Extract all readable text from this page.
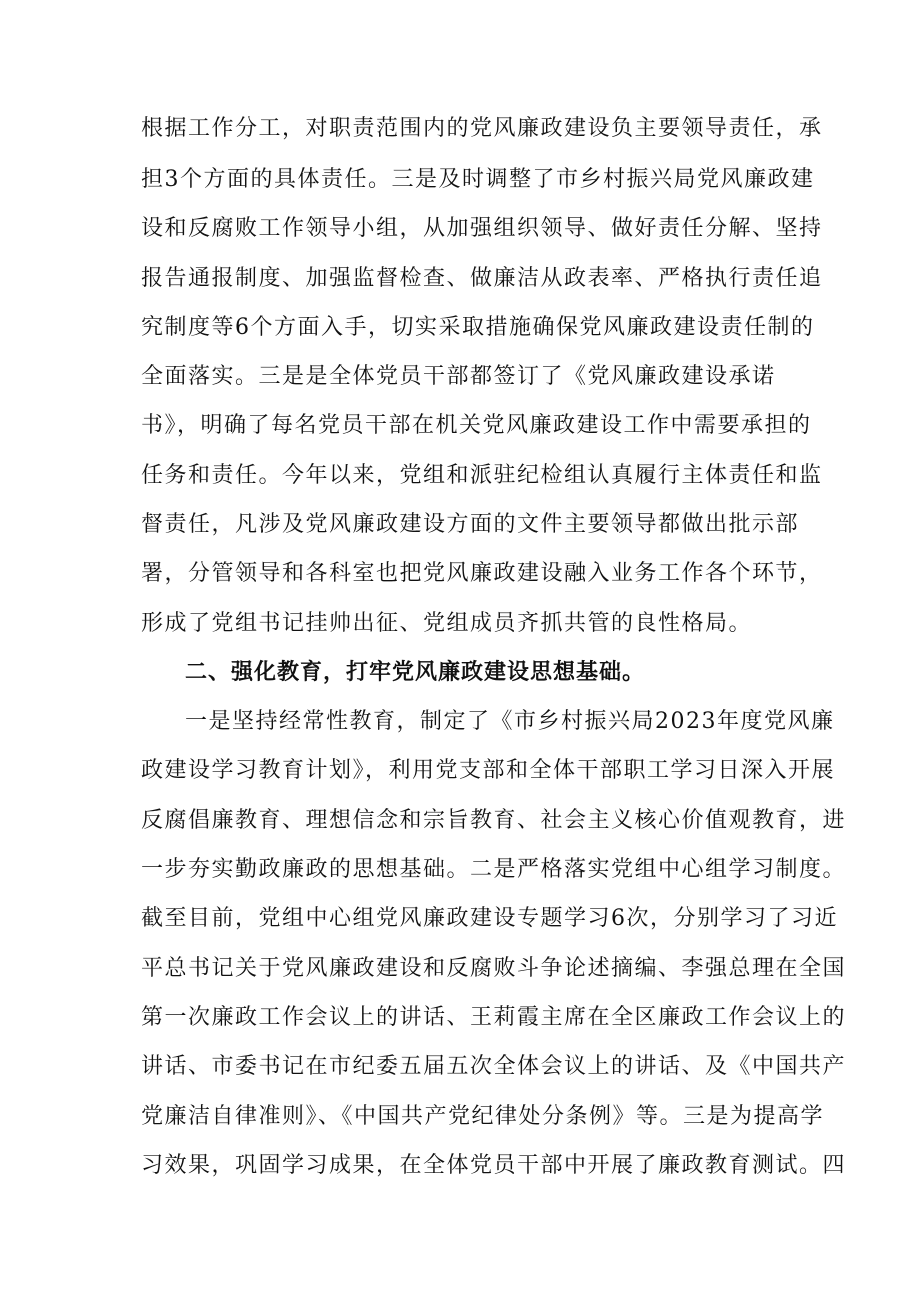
根据工作分工，对职责范围内的党风廉政建设负主要领导责任，承
担3个方面的具体责任。三是及时调整了市乡村振兴局党风廉政建
设和反腐败工作领导小组，从加强组织领导、做好责任分解、坚持
报告通报制度、加强监督检查、做廉洁从政表率、严格执行责任追
究制度等6个方面入手，切实采取措施确保党风廉政建设责任制的
全面落实。三是是全体党员干部都签订了《党风廉政建设承诺
书》，明确了每名党员干部在机关党风廉政建设工作中需要承担的
任务和责任。今年以来，党组和派驻纪检组认真履行主体责任和监
督责任，凡涉及党风廉政建设方面的文件主要领导都做出批示部
署，分管领导和各科室也把党风廉政建设融入业务工作各个环节，
形成了党组书记挂帅出征、党组成员齐抓共管的良性格局。
二、强化教育，打牢党风廉政建设思想基础。
一是坚持经常性教育，制定了《市乡村振兴局2023年度党风廉
政建设学习教育计划》，利用党支部和全体干部职工学习日深入开展
反腐倡廉教育、理想信念和宗旨教育、社会主义核心价值观教育，进
一步夯实勤政廉政的思想基础。二是严格落实党组中心组学习制度。
截至目前，党组中心组党风廉政建设专题学习6次，分别学习了习近
平总书记关于党风廉政建设和反腐败斗争论述摘编、李强总理在全国
第一次廉政工作会议上的讲话、王莉霞主席在全区廉政工作会议上的
讲话、市委书记在市纪委五届五次全体会议上的讲话、及《中国共产
党廉洁自律准则》、《中国共产党纪律处分条例》等。三是为提高学
习效果，巩固学习成果，在全体党员干部中开展了廉政教育测试。四
